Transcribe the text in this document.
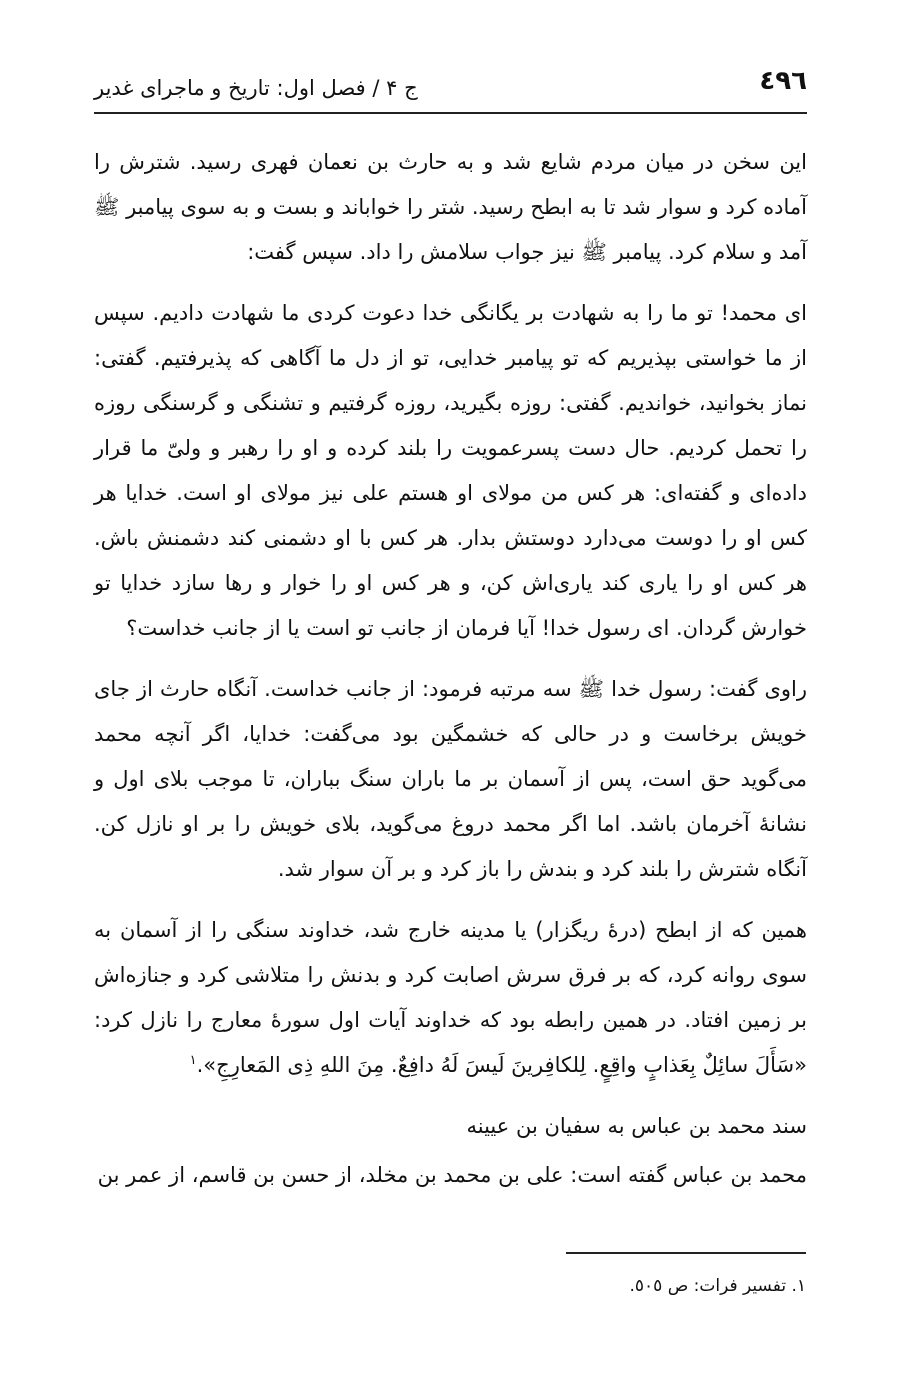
٤٩٦
ج ۴ / فصل اول: تاریخ و ماجرای غدیر

این سخن در میان مردم شایع شد و به حارث بن نعمان فهری رسید. شترش را آماده کرد و سوار شد تا به ابطح رسید. شتر را خواباند و بست و به سوی پیامبر ﷺ آمد و سلام کرد. پیامبر ﷺ نیز جواب سلامش را داد. سپس گفت:

ای محمد! تو ما را به شهادت بر یگانگی خدا دعوت کردی ما شهادت دادیم. سپس از ما خواستی بپذیریم که تو پیامبر خدایی، تو از دل ما آگاهی که پذیرفتیم. گفتی: نماز بخوانید، خواندیم. گفتی: روزه بگیرید، روزه گرفتیم و تشنگی و گرسنگی روزه را تحمل کردیم. حال دست پسرعمویت را بلند کرده و او را رهبر و ولیّ ما قرار داده‌ای و گفته‌ای: هر کس من مولای او هستم علی نیز مولای او است. خدایا هر کس او را دوست می‌دارد دوستش بدار. هر کس با او دشمنی کند دشمنش باش. هر کس او را یاری کند یاری‌اش کن، و هر کس او را خوار و رها سازد خدایا تو خوارش گردان. ای رسول خدا! آیا فرمان از جانب تو است یا از جانب خداست؟

راوی گفت: رسول خدا ﷺ سه مرتبه فرمود: از جانب خداست. آنگاه حارث از جای خویش برخاست و در حالی که خشمگین بود می‌گفت: خدایا، اگر آنچه محمد می‌گوید حق است، پس از آسمان بر ما باران سنگ بباران، تا موجب بلای اول و نشانهٔ آخرمان باشد. اما اگر محمد دروغ می‌گوید، بلای خویش را بر او نازل کن. آنگاه شترش را بلند کرد و بندش را باز کرد و بر آن سوار شد.

همین که از ابطح (درهٔ ریگزار) یا مدینه خارج شد، خداوند سنگی را از آسمان به سوی روانه کرد، که بر فرق سرش اصابت کرد و بدنش را متلاشی کرد و جنازه‌اش بر زمین افتاد. در همین رابطه بود که خداوند آیات اول سورهٔ معارج را نازل کرد: «سَأَلَ سائِلٌ بِعَذابٍ واقِعٍ. لِلکافِرینَ لَیسَ لَهُ دافِعٌ. مِنَ اللهِ ذِی المَعارِجِ».$^١$

سند محمد بن عباس به سفیان بن عیینه

محمد بن عباس گفته است: علی بن محمد بن مخلد، از حسن بن قاسم، از عمر بن

١. تفسیر فرات: ص ٥٠٥.
